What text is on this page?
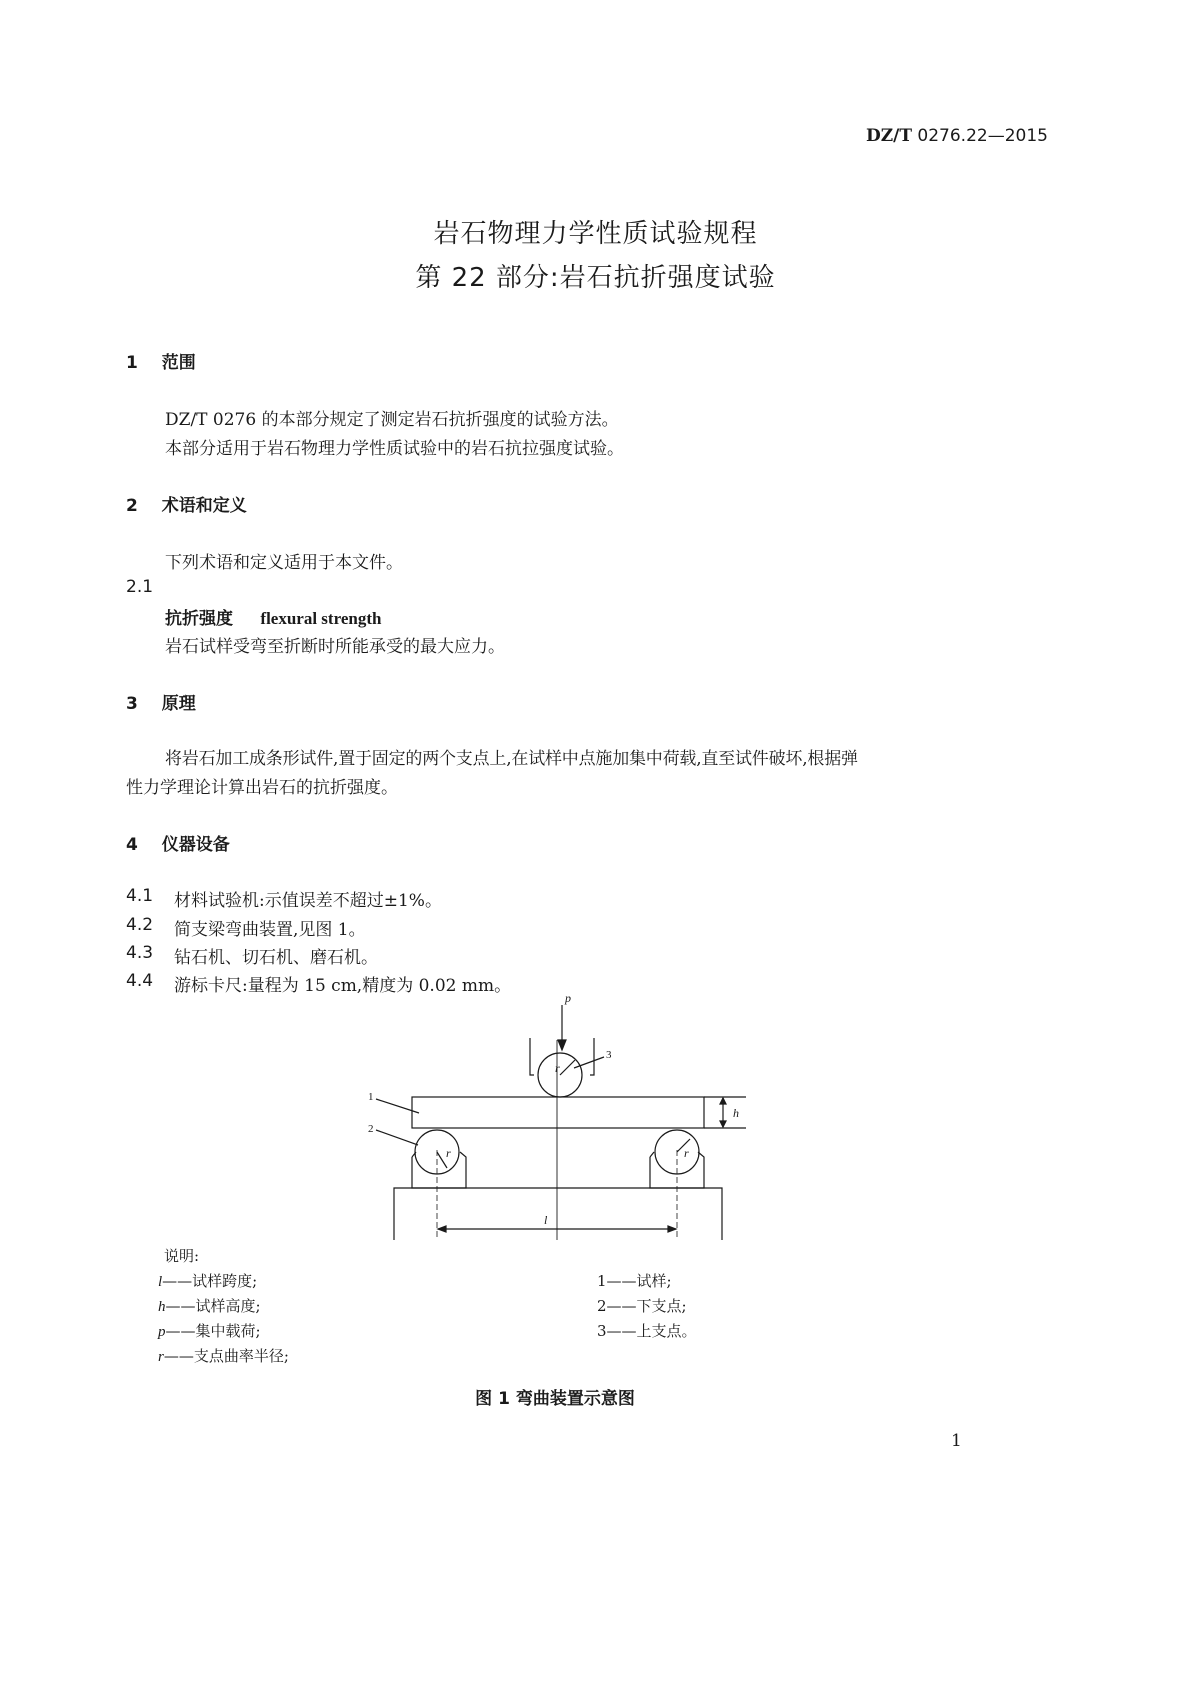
DZ/T 0276.22—2015
岩石物理力学性质试验规程
第 22 部分:岩石抗折强度试验
1 范围
DZ/T 0276 的本部分规定了测定岩石抗折强度的试验方法。
本部分适用于岩石物理力学性质试验中的岩石抗拉强度试验。
2 术语和定义
下列术语和定义适用于本文件。
2.1
抗折强度 flexural strength
岩石试样受弯至折断时所能承受的最大应力。
3 原理
将岩石加工成条形试件,置于固定的两个支点上,在试样中点施加集中荷载,直至试件破坏,根据弹
性力学理论计算出岩石的抗折强度。
4 仪器设备
4.1 材料试验机:示值误差不超过±1%。
4.2 简支梁弯曲装置,见图 1。
4.3 钻石机、切石机、磨石机。
4.4 游标卡尺:量程为 15 cm,精度为 0.02 mm。
p
r
r	r
h
l
1
2
3
说明:
l——试样跨度;
h——试样高度;
p——集中载荷;
r——支点曲率半径;
1——试样;
2——下支点;
3——上支点。
图 1 弯曲装置示意图
1
